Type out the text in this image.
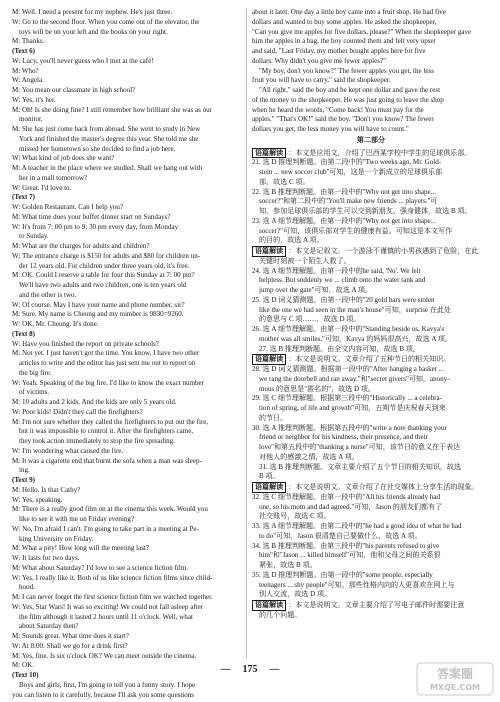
M: Well. I need a present for my nephew. He's just three.
W: Go to the second floor. When you come out of the elevator, the
toys will be on your left and the books on your right.
M: Thanks.
(Text 6)
W: Lucy, you'll never guess who I met at the café!
M: Who?
W: Angela.
M: You mean our classmate in high school?
W: Yes, it's her.
M: Oh! Is she doing fine? I still remember how brilliant she was as our
monitor.
M: She has just come back from abroad. She went to study in New
York and finished the master's degree this year. She told me she
missed her hometown so she decided to find a job here.
W: What kind of job does she want?
M: A teacher in the place where we studied. Shall we hang out with
her in a mall tomorrow?
W: Great. I'd love to.
(Text 7)
W: Golden Restaurant. Can I help you?
M: What time does your buffet dinner start on Sundays?
W: It's from 7: 00 pm to 9: 30 pm every day, from Monday
to Sunday.
M: What are the charges for adults and children?
W: The entrance charge is $150 for adults and $80 for children un-
der 12 years old. For children under three years old, it's free.
M: OK. Could I reserve a table for four this Sunday at 7: 00 pm?
We'll have two adults and two children, one is ten years old
and the other is two.
W: Of course. May I have your name and phone number, sir?
M: Sure. My name is Cheung and my number is 9830=9260.
W: OK, Mr. Cheung. It's done.
(Text 8)
W: Have you finished the report on private schools?
M: Not yet. I just haven't got the time. You know, I have two other
articles to write and the editor has just sent me out to report on
the big fire.
W: Yeah. Speaking of the big fire. I'd like to know the exact number
of victims.
M: 10 adults and 2 kids. And the kids are only 5 years old.
W: Poor kids! Didn't they call the firefighters?
M: I'm not sure whether they called the firefighters to put out the fire,
but it was impossible to control it. After the firefighters came,
they took action immediately to stop the fire spreading.
W: I'm wondering what caused the fire.
M: It was a cigarette end that burnt the sofa when a man was sleep-
ing.
(Text 9)
M: Hello. Is that Cathy?
W: Yes, speaking.
M: There is a really good film on at the cinema this week. Would you
like to see it with me on Friday evening?
W: No, I'm afraid I can't. I'm going to take part in a meeting at Pe-
king University on Friday.
M: What a pity! How long will the meeting last?
W: It lasts for two days.
M: What about Saturday? I'd love to see a science fiction film.
W: Yes, I really like it. Both of us like science fiction films since child-
hood.
M: I can never forget the first science fiction film we watched together.
W: Yes, Star Wars! It was so exciting! We could not fall asleep after
the film although it lasted 2 hours until 11 o'clock. Well, what
about Saturday then?
M: Sounds great. What time does it start?
W: At 8:00. Shall we go for a drink first?
M: Yes, fine. Is six o'clock OK? We can meet outside the cinema.
M: OK.
(Text 10)
Boys and girls, first, I'm going to tell you a funny story. I hope
you can listen to it carefully, because I'll ask you some questions
about it later. One day a little boy came into a fruit shop. He had five
dollars and wanted to buy some apples. He asked the shopkeeper,
"Can you give me apples for five dollars, please?" When the shopkeeper gave
him the apples in a bag, the boy counted them and felt very upset
and said, "Last Friday, my mother bought apples here for five
dollars. Why didn't you give me fewer apples?"
"My boy, don't you know?" The fewer apples you get, the less
fruit you will have to carry," said the shopkeeper.
"All right," said the boy and he kept one dollar and gave the rest
of the money to the shopkeeper. He was just going to leave the shop
when he heard the words, "Come back! You must pay for the
apples." "That's OK!" said the boy. "Don't you know? The fewer
dollars you get, the less money you will have to count."
第二部分
语篇解读 ：本文是应用文，介绍了巴西某学校中学生的足球俱乐部。
21. 选 D 推理判断题。由第二段中的"Two weeks ago, Mr. Gold-
stein ... new soccer club"可知，这是一个新成立的足球俱乐部
部，故选 C 项。
22. 选 B 推理判断题。由第一段中的"Why not get into shape...
soccer?"和第二段中的"You'll make new friends ... players."可
知，参加足球俱乐部的学生可以交到新朋友、强身健体，故选 B 项。
23. 选 A 细节理解题。由第一段中的"Why not get into shape...
soccer?"可知，该俱乐部对学生的健康有益。可知这是本文写作
的目的，故选 A 项。
语篇解读 ：本文是记叙文。一个游泳不谨慎的小男孩遇到了危险，在此
关键时刻被一个陌生人救了。
24. 选 A 细节理解题。由第一段中的he said, 'No'. We felt
helpless. But suddenly we ... climb onto the water tank and
jump over the gate"可知，故选 A 项。
25. 选 D 词义猜测题。由第一段中的"20 gold bars were stolen
like the one we had seen in the man's house"可知，surprise 在此处
的意思与 C 项……，故选 D 项。
26. 选 A 细节理解题。由第一段中的"Standing beside us, Kavya's
mother was all smiles."可知，Kavya 的妈妈很高兴，故选 A 项。
27. 选 B 推理判断题。由全文内容可知，故选 B 项。
语篇解读 ：本文是说明文。文章介绍了五种节日的相关知识。
28. 选 D 词义猜测题。根据第一段中的"After hanging a basket ...
we rang the doorbell and ran away."和"secret givers"可知，anony-
mous 的意思是"匿名的"，故选 D 项。
29. 选 C 细节理解题。根据第三段中的"Historically ... a celebra-
tion of spring, of life and growth"可知，五朔节是庆祝春天到来
的节日。
30. 选 A 推理判断题。根据第五段中的"write a note thanking your
friend or neighbor for his kindness, their presence, and their
love"和第五段中的"thanking a nurse"可知，该节日的意义在于表达
对他人的感激之情，故选 A 项。
31. 选 B 推理判断题。文章主要介绍了五个节日的相关知识，故选
B 项。
语篇解读 ：本文是说明文。文章介绍了在社交媒体上分享生活的现象。
32. 选 C 细节理解题。由第一段中的"All his friends already had
one, so his mom and dad agreed."可知，Jason 的朋友们都有了
社交账号，故选 C 项。
33. 选 A 细节理解题。由第二段中的"he had a good idea of what he had
to do"可知，Jason 很清楚自己要做什么，故选 A 项。
34. 选 B 推理判断题。由第三段中的"his parents refused to give
him"和"Jason ... killed himself"可知，他和父母之间的关系很
紧张，故选 B 项。
35. 选 D 推理判断题。由第一段中的"some people, especially
teenagers ... shy people"可知，那些性格内向的人更喜欢在网上与
别人交流，故选 D 项。
语篇解读 ：本文是说明文。文章主要介绍了写电子邮件时需要注意
的几个问题。
— 175 —	答案圈
MXQE.COM
